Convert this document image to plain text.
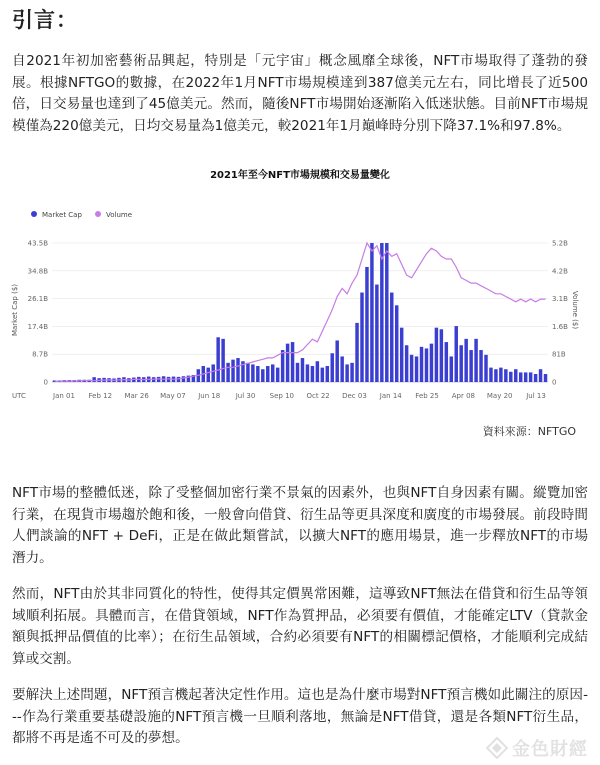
引言：

自2021年初加密藝術品興起，特別是「元宇宙」概念風靡全球後，NFT市場取得了蓬勃的發展。根據NFTGO的數據，在2022年1月NFT市場規模達到387億美元左右，同比增長了近500倍，日交易量也達到了45億美元。然而，隨後NFT市場開始逐漸陷入低迷狀態。目前NFT市場規模僅為220億美元，日均交易量為1億美元，較2021年1月巔峰時分別下降37.1%和97.8%。

2021年至今NFT市場規模和交易量變化
Market Cap	Volume
Market Cap ($)	Volume ($)
UTC
0
8.7B
17.4B
26.1B
34.8B
43.5B
0
81B
1.6B
3.1B
4.2B
5.2B
Jan 01 Feb 12 Mar 26 May 07 Jun 18 Jul 30 Sep 10 Oct 22 Dec 03 Jan 14 Feb 25 Apr 08 May 20 Jul 13
資料來源：NFTGO

NFT市場的整體低迷，除了受整個加密行業不景氣的因素外，也與NFT自身因素有關。縱覽加密行業，在現貨市場趨於飽和後，一般會向借貸、衍生品等更具深度和廣度的市場發展。前段時間人們談論的NFT + DeFi，正是在做此類嘗試，以擴大NFT的應用場景，進一步釋放NFT的市場潛力。

然而，NFT由於其非同質化的特性，使得其定價異常困難，這導致NFT無法在借貸和衍生品等領域順利拓展。具體而言，在借貸領域，NFT作為質押品，必須要有價值，才能確定LTV（貸款金額與抵押品價值的比率）；在衍生品領域，合約必須要有NFT的相關標記價格，才能順利完成結算或交割。

要解決上述問題，NFT預言機起著決定性作用。這也是為什麼市場對NFT預言機如此關注的原因---作為行業重要基礎設施的NFT預言機一旦順利落地，無論是NFT借貸，還是各類NFT衍生品，都將不再是遙不可及的夢想。

金色財經
